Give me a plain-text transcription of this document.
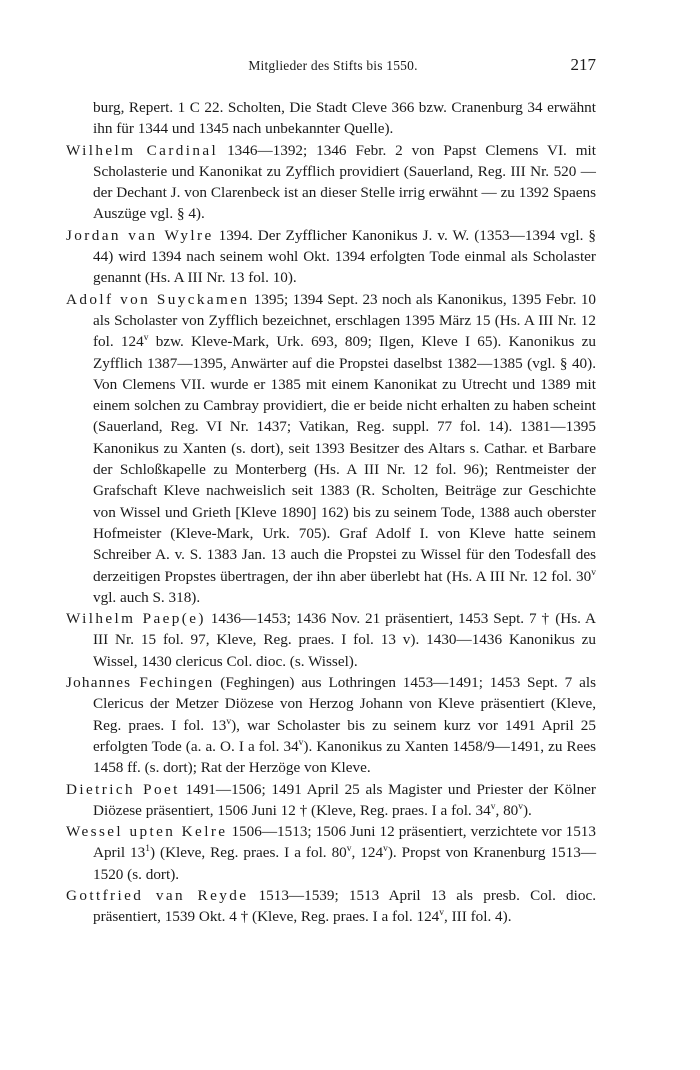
Mitglieder des Stifts bis 1550.	217

burg, Repert. 1 C 22. Scholten, Die Stadt Cleve 366 bzw. Cranenburg 34 erwähnt ihn für 1344 und 1345 nach unbekannter Quelle).

Wilhelm Cardinal 1346—1392; 1346 Febr. 2 von Papst Clemens VI. mit Scholasterie und Kanonikat zu Zyfflich providiert (Sauerland, Reg. III Nr. 520 — der Dechant J. von Clarenbeck ist an dieser Stelle irrig erwähnt — zu 1392 Spaens Auszüge vgl. § 4).

Jordan van Wylre 1394. Der Zyfflicher Kanonikus J. v. W. (1353—1394 vgl. § 44) wird 1394 nach seinem wohl Okt. 1394 erfolgten Tode einmal als Scholaster genannt (Hs. A III Nr. 13 fol. 10).

Adolf von Suyckamen 1395; 1394 Sept. 23 noch als Kanonikus, 1395 Febr. 10 als Scholaster von Zyfflich bezeichnet, erschlagen 1395 März 15 (Hs. A III Nr. 12 fol. 124$^v$ bzw. Kleve-Mark, Urk. 693, 809; Ilgen, Kleve I 65). Kanonikus zu Zyfflich 1387—1395, Anwärter auf die Propstei daselbst 1382—1385 (vgl. § 40). Von Clemens VII. wurde er 1385 mit einem Kanonikat zu Utrecht und 1389 mit einem solchen zu Cambray providiert, die er beide nicht erhalten zu haben scheint (Sauerland, Reg. VI Nr. 1437; Vatikan, Reg. suppl. 77 fol. 14). 1381—1395 Kanonikus zu Xanten (s. dort), seit 1393 Besitzer des Altars s. Cathar. et Barbare der Schloßkapelle zu Monterberg (Hs. A III Nr. 12 fol. 96); Rentmeister der Grafschaft Kleve nachweislich seit 1383 (R. Scholten, Beiträge zur Geschichte von Wissel und Grieth [Kleve 1890] 162) bis zu seinem Tode, 1388 auch oberster Hofmeister (Kleve-Mark, Urk. 705). Graf Adolf I. von Kleve hatte seinem Schreiber A. v. S. 1383 Jan. 13 auch die Propstei zu Wissel für den Todesfall des derzeitigen Propstes übertragen, der ihn aber überlebt hat (Hs. A III Nr. 12 fol. 30$^v$ vgl. auch S. 318).

Wilhelm Paep(e) 1436—1453; 1436 Nov. 21 präsentiert, 1453 Sept. 7 † (Hs. A III Nr. 15 fol. 97, Kleve, Reg. praes. I fol. 13 v). 1430—1436 Kanonikus zu Wissel, 1430 clericus Col. dioc. (s. Wissel).

Johannes Fechingen (Feghingen) aus Lothringen 1453—1491; 1453 Sept. 7 als Clericus der Metzer Diözese von Herzog Johann von Kleve präsentiert (Kleve, Reg. praes. I fol. 13$^v$), war Scholaster bis zu seinem kurz vor 1491 April 25 erfolgten Tode (a. a. O. I a fol. 34$^v$). Kanonikus zu Xanten 1458/9—1491, zu Rees 1458 ff. (s. dort); Rat der Herzöge von Kleve.

Dietrich Poet 1491—1506; 1491 April 25 als Magister und Priester der Kölner Diözese präsentiert, 1506 Juni 12 † (Kleve, Reg. praes. I a fol. 34$^v$, 80$^v$).

Wessel upten Kelre 1506—1513; 1506 Juni 12 präsentiert, verzichtete vor 1513 April $13^1$) (Kleve, Reg. praes. I a fol. 80$^v$, 124$^v$). Propst von Kranenburg 1513—1520 (s. dort).

Gottfried van Reyde 1513—1539; 1513 April 13 als presb. Col. dioc. präsentiert, 1539 Okt. 4 † (Kleve, Reg. praes. I a fol. 124$^v$, III fol. 4).
